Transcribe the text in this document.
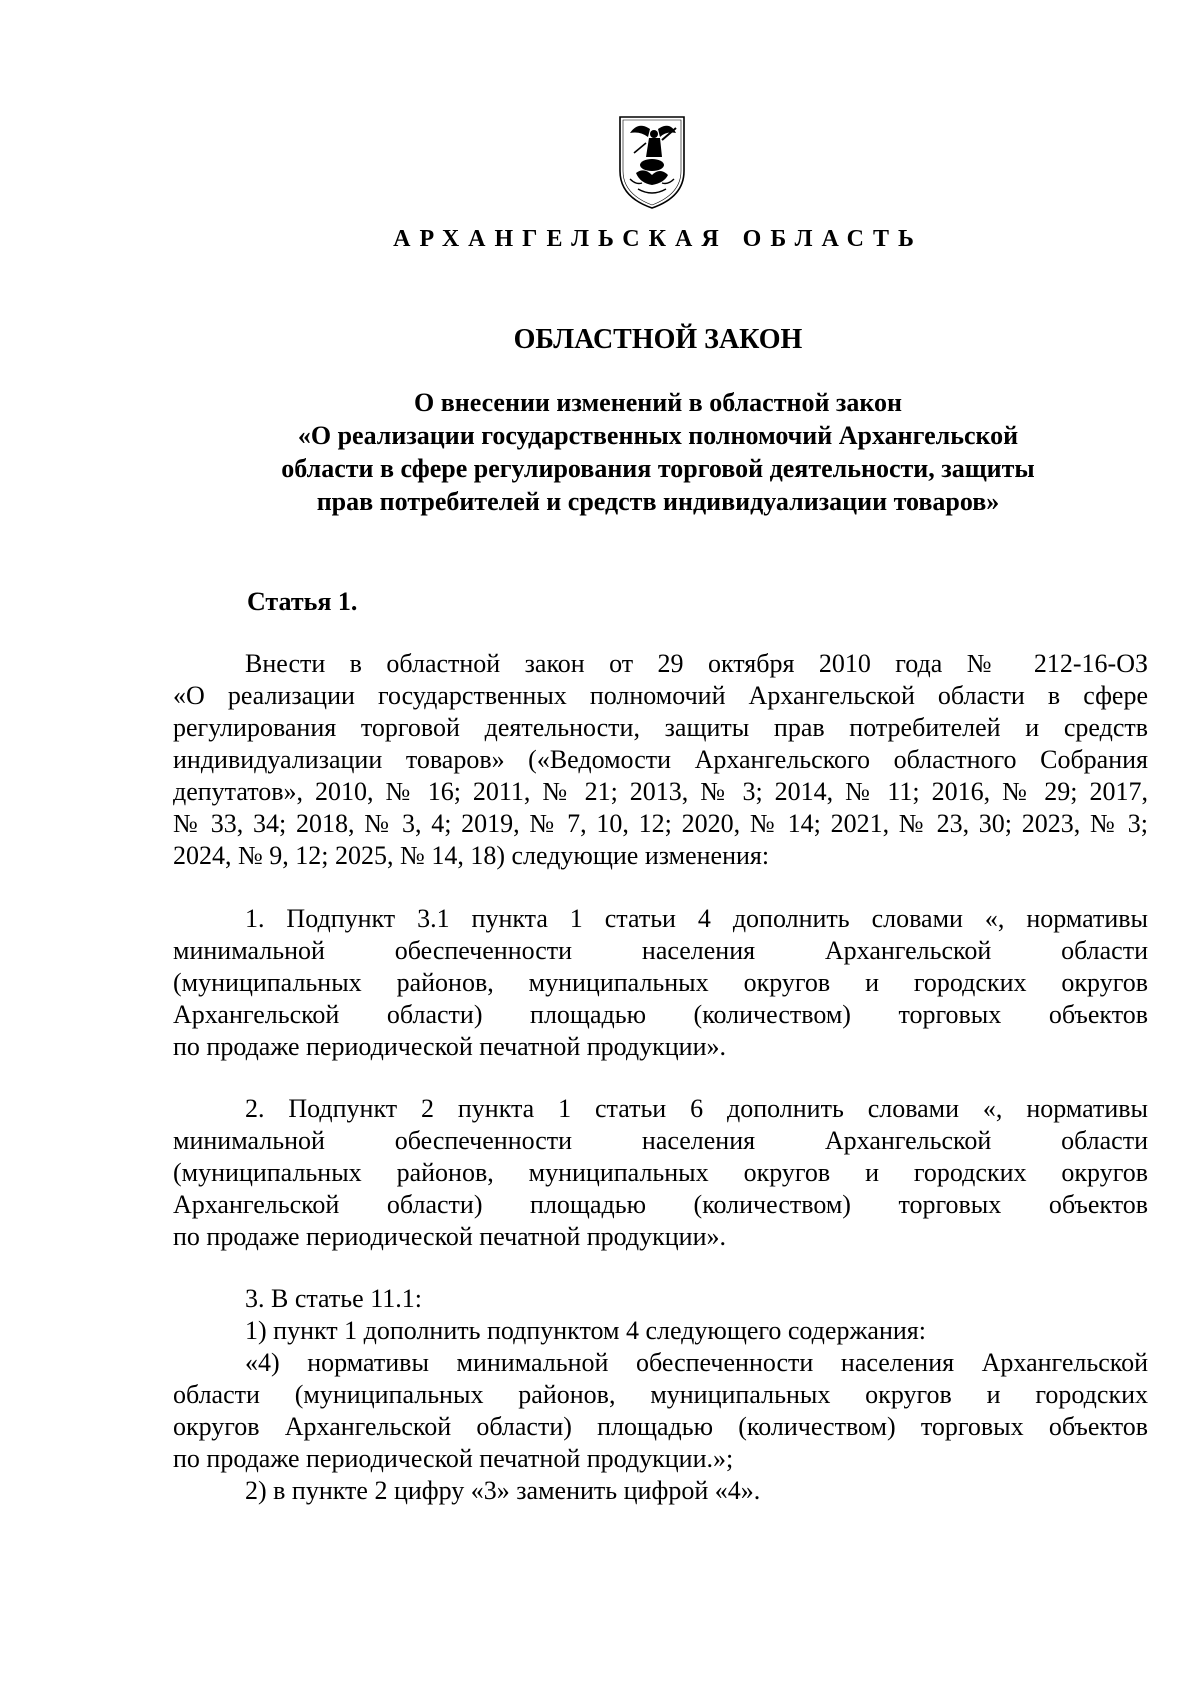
АРХАНГЕЛЬСКАЯ ОБЛАСТЬ
ОБЛАСТНОЙ ЗАКОН
О внесении изменений в областной закон
«О реализации государственных полномочий Архангельской
области в сфере регулирования торговой деятельности, защиты
прав потребителей и средств индивидуализации товаров»
Статья 1.
Внести в областной закон от 29 октября 2010 года № 212-16-ОЗ
«О реализации государственных полномочий Архангельской области в сфере
регулирования торговой деятельности, защиты прав потребителей и средств
индивидуализации товаров» («Ведомости Архангельского областного Собрания
депутатов», 2010, № 16; 2011, № 21; 2013, № 3; 2014, № 11; 2016, № 29; 2017,
№ 33, 34; 2018, № 3, 4; 2019, № 7, 10, 12; 2020, № 14; 2021, № 23, 30; 2023, № 3;
2024, № 9, 12; 2025, № 14, 18) следующие изменения:
1. Подпункт 3.1 пункта 1 статьи 4 дополнить словами «, нормативы
минимальной обеспеченности населения Архангельской области
(муниципальных районов, муниципальных округов и городских округов
Архангельской области) площадью (количеством) торговых объектов
по продаже периодической печатной продукции».
2. Подпункт 2 пункта 1 статьи 6 дополнить словами «, нормативы
минимальной обеспеченности населения Архангельской области
(муниципальных районов, муниципальных округов и городских округов
Архангельской области) площадью (количеством) торговых объектов
по продаже периодической печатной продукции».
3. В статье 11.1:
1) пункт 1 дополнить подпунктом 4 следующего содержания:
«4) нормативы минимальной обеспеченности населения Архангельской
области (муниципальных районов, муниципальных округов и городских
округов Архангельской области) площадью (количеством) торговых объектов
по продаже периодической печатной продукции.»;
2) в пункте 2 цифру «3» заменить цифрой «4».
